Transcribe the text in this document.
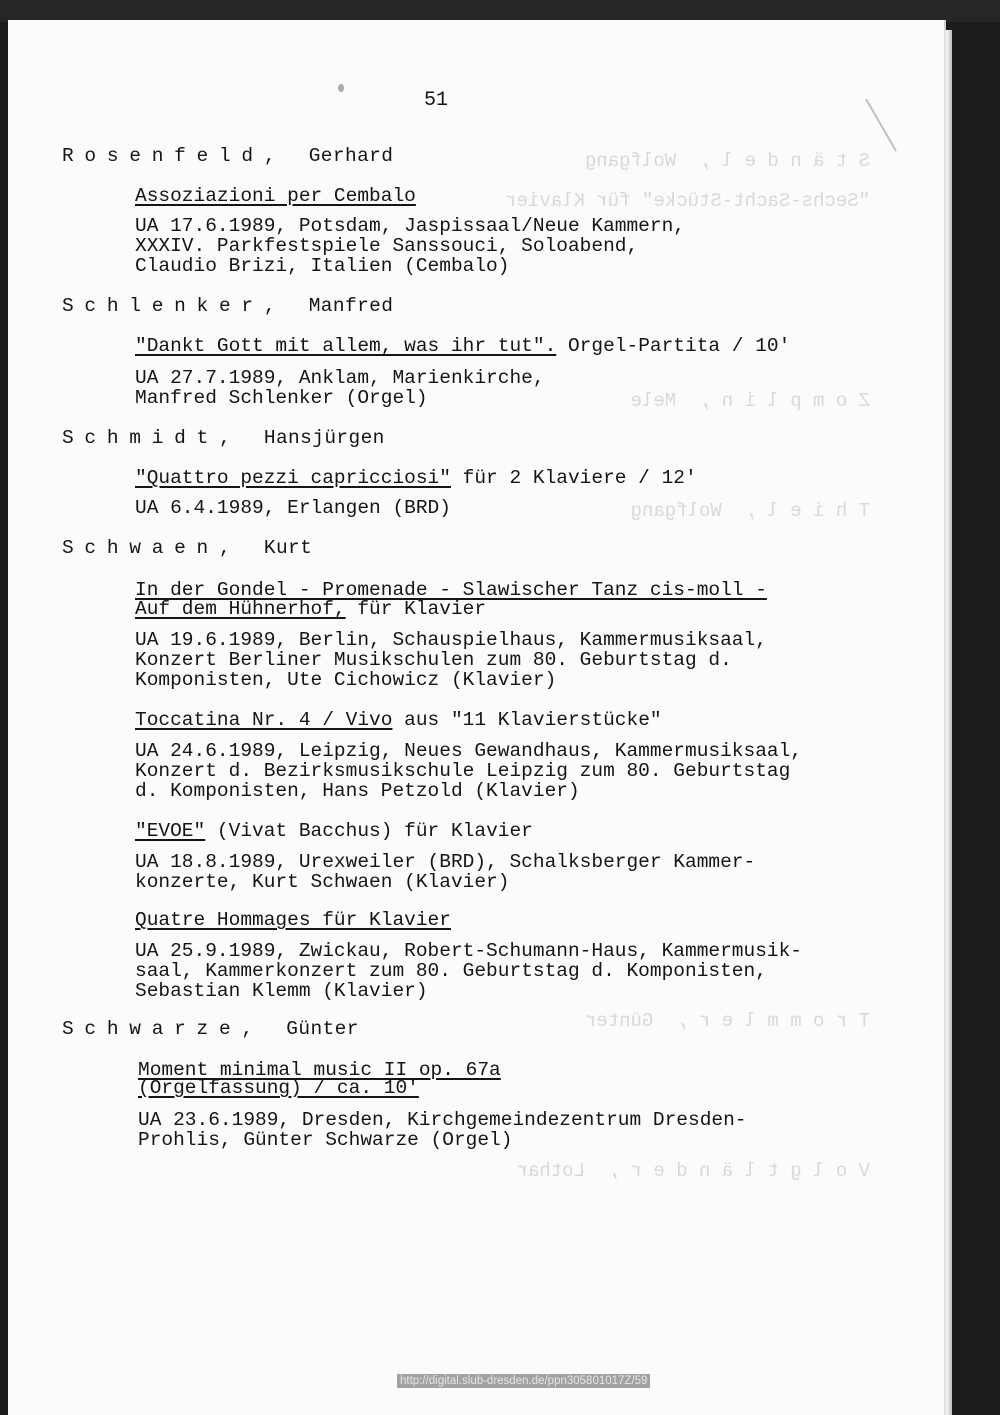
S t ä n d e l ,  Wolfgang
"Sechs-Sacht-Stücke" für Klavier
Z o m p l i n ,  Mele
T h i e l ,  Wolfgang
T r o m m l e r ,  Günter
V o l g t l ä n d e r ,  Lothar
51
Rosenfeld, Gerhard
Assoziazioni per Cembalo
UA 17.6.1989, Potsdam, Jaspissaal/Neue Kammern,
XXXIV. Parkfestspiele Sanssouci, Soloabend,
Claudio Brizi, Italien (Cembalo)
Schlenker, Manfred
"Dankt Gott mit allem, was ihr tut". Orgel-Partita / 10'
UA 27.7.1989, Anklam, Marienkirche,
Manfred Schlenker (Orgel)
Schmidt, Hansjürgen
"Quattro pezzi capricciosi" für 2 Klaviere / 12'
UA 6.4.1989, Erlangen (BRD)
Schwaen, Kurt
In der Gondel - Promenade - Slawischer Tanz cis-moll -
Auf dem Hühnerhof, für Klavier
UA 19.6.1989, Berlin, Schauspielhaus, Kammermusiksaal,
Konzert Berliner Musikschulen zum 80. Geburtstag d.
Komponisten, Ute Cichowicz (Klavier)
Toccatina Nr. 4 / Vivo aus "11 Klavierstücke"
UA 24.6.1989, Leipzig, Neues Gewandhaus, Kammermusiksaal,
Konzert d. Bezirksmusikschule Leipzig zum 80. Geburtstag
d. Komponisten, Hans Petzold (Klavier)
"EVOE" (Vivat Bacchus) für Klavier
UA 18.8.1989, Urexweiler (BRD), Schalksberger Kammer-
konzerte, Kurt Schwaen (Klavier)
Quatre Hommages für Klavier
UA 25.9.1989, Zwickau, Robert-Schumann-Haus, Kammermusik-
saal, Kammerkonzert zum 80. Geburtstag d. Komponisten,
Sebastian Klemm (Klavier)
Schwarze, Günter
Moment minimal music II op. 67a
(Orgelfassung) / ca. 10'
UA 23.6.1989, Dresden, Kirchgemeindezentrum Dresden-
Prohlis, Günter Schwarze (Orgel)
http://digital.slub-dresden.de/ppn305801017Z/59
